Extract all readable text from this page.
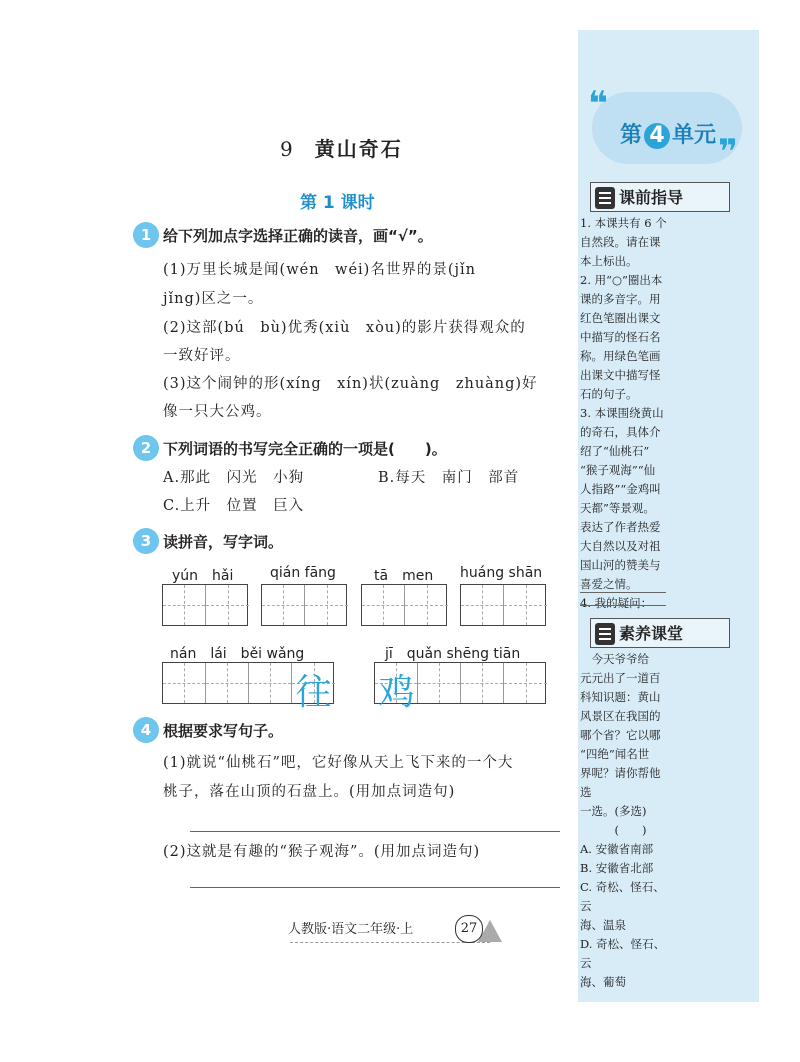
❝
❞
第 4 单元
课前指导

1. 本课共有 6 个

自然段。请在课

本上标出。

2. 用“○”圈出本

课的多音字。用

红色笔圈出课文

中描写的怪石名

称。用绿色笔画

出课文中描写怪

石的句子。

3. 本课围绕黄山

的奇石，具体介

绍了“仙桃石”

“猴子观海”“仙

人指路”“金鸡叫

天都”等景观。

表达了作者热爱

大自然以及对祖

国山河的赞美与

喜爱之情。

4. 我的疑问：

素养课堂

　今天爷爷给

元元出了一道百

科知识题：黄山

风景区在我国的

哪个省？它以哪

“四绝”闻名世

界呢？请你帮他选

一选。(多选)

　　　(　　)

A. 安徽省南部

B. 安徽省北部

C. 奇松、怪石、云

海、温泉

D. 奇松、怪石、云

海、葡萄

9 黄山奇石
第 1 课时
1 给下列加点字选择正确的读音，画“√”。
(1)万里长城是闻(wén　wéi)名世界的景(jǐn
jǐng)区之一。
(2)这部(bú　bù)优秀(xiù　xòu)的影片获得观众的
一致好评。
(3)这个闹钟的形(xíng　xín)状(zuàng　zhuàng)好
像一只大公鸡。
2 下列词语的书写完全正确的一项是(　　)。
A.那此　闪光　小狗	B.每天　南门　部首
C.上升　位置　巨入
3 读拼音，写字词。
yún　hǎi	qián fāng	tā　men huáng shān
nán　lái　běi wǎng	jī　quǎn shēng tiān
往 鸡
4 根据要求写句子。
(1)就说“仙桃石”吧，它好像从天上飞下来的一个大
桃子，落在山顶的石盘上。(用加点词造句)
(2)这就是有趣的“猴子观海”。(用加点词造句)
人教版·语文二年级·上	27
